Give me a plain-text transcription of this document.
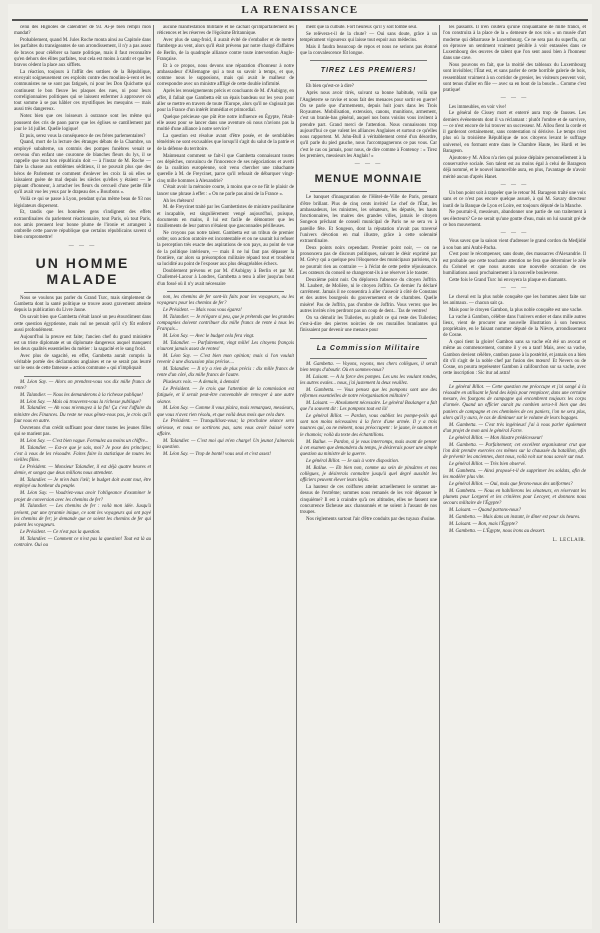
LA RENAISSANCE

celui des Hignoles de calendrier de 93. Ai-je bien rempli mon mandat?

Probablement, quand M. Jules Roche monta ainsi au Capitole dans les parfaites du transigeantes de son arrondissement, il n'y a pas assez de bravos pour célébrer sa haute politique, mais il faut reconnaître qu'en dehors des élites parfaites, tout cela est moins à cantir et que les bravos cèdent la place aux sifflets.

La réaction, toujours à l'affût des sottises de la République, envoyait soigneusement ces exploits contre des moulins-à-vent et les communistes ne se sont pas fatigués, ni pour les Don Quichotte qui continuent le bon fleuve les plaques des rues, ni pour leurs correligionnaires politiques qui se laissent enfermer à approuver où tout somme à se pas hâbler ces mystifiques les mesquins — mais aussi très dangereux.

Notez bien que ces loisseurs à outrance sont les même qui poussent des cris de paon parce que les églises se cantillement par jour le 14 juillet. Quelle logique!

Et puis, serez vous la conséquence de ces frères parlementaires?

Quand, mort de la lecture des étranges débats de la Chambre, un employé subalterne, un commis des pompes funèbres venait se cerveau d'un enfant une couronne de blanches fleurs du lys, il se rappelle que tout bon républicain doit — à l'instar de M. Roche — faire la chasse aux emblèmes séditieux, il ne pouvait plus que des héros de Parlement ce comment d'enlever les croix là où elles se laissaient guère de mal depuis les siècles qu'elles y étaient — le piquant d'honneur, à arracher les fleurs du cercueil d'une petite fille qu'il avait vue les yeux par le drapeau des « Bourbons ».

Voilà ce qui se passe à Lyon, pendant qu'au même beau de 93 nos législateurs dispersent.

Et, tandis que les honnêtes gens s'indignent des effets extraordinaires du parlement réactionnaire, tout Paris, où tout Paris, nos amis prennent leur bonne plume de l'ironie et arrangent à ombrelle cette pauvre république que certains républicains savent si bien compromettre!

— — —
UN HOMME MALADE

Nous se voulons pas parler du Grand Turc, mais simplement de Gambetta dont la santé politique se trouve assez gravement atteinte depuis la publication du Livre Jaune.

On savait bien que Gambetta s'était lancé un peu étourdiment dans cette question égyptienne, mais nul ne pensait qu'il s'y fût enferré aussi profondément.

Aujourd'hui la preuve est faite; l'ancien chef du grand ministère est un triste diplomate et un diplomate dangereux auquel manquent les deux qualités essentielles du métier : la sagacité et le sang froid.

Avec plus de sagacité, en effet, Gambetta aurait compris la véritable portée des déclarations anglaises et ne se serait pas leurré sur le sens de cette fameuse « action commune » qui n'impliquait

M. Léon Say. — Alors on prendrez-vous vos dix mille francs de rente?

M. Talandier. — Nous les demanderons à la richesse publique!

M. Léon Say. — Mais où trouverez-vous la richesse publique?

M. Talandier. — Ah vous m'ennuyez à la fin! Ça c'est l'affaire du ministre des Finances. Du reste ne vous gênez-vous pas, je crois qu'il faut vous en autre.

Ouvretons d'un crédit suffisant pour doter toutes les jeunes filles qui se marient pas.

M. Léon Say. — C'est bien vague. Formulez au moins un chiffre...

M. Talandier. — Est-ce que je sais, moi? Je pose des principes; c'est à vous de les résoudre. Faites faire la statistique de toutes les vieilles filles.

Le Président. — Monsieur Talandier, il est déjà quatre heures et demie, et songez que deux millions nous attendent.

M. Talandier. — Je m'en bats l'œil; le budget doit avant tout, être employé au bonheur du peuple.

M. Léon Say. — Voudriez-vous avoir l'obligeance d'examiner le projet de conversion avec les chemins de fer?

M. Talandier. — Les chemins de fer : voilà mon idée. Jusqu'à présent, par une tyrannie inique, ce sont les voyageurs qui ont payé les chemins de fer; je demande que ce soient les chemins de fer qui paient les voyageurs.

Le Président. — Ce n'est pas la question.

M. Talandier. — Comment ce n'est pas la question! Tout est là au contraire. Oui ou

aucune manifestation militaire et ne cachait qu'imparfaitement les réticences et les réserves de l'égoïsme Britannique.

Avec plus de sang-froid, il aurait évité de s'emballer et de mettre flamberge au vent, alors qu'il était prévenu par notre chargé d'affaires de Berlin, de la quadruple alliance contre toute intervention Anglo-Française.

Et à ce propos, nous devons une réparation d'honneur à notre ambassadeur d'Allemagne qui a tout su savoir à temps, et que, comme nous le supposions, mais qui avait le malheur de correspondre avec un ministre affligé de cette double infirmité.

Après les renseignements précis et concluants de M. d'Aubigny, en effet, il fallait que Gambetta eût un épais bandeau sur les yeux pour aller se mettre en travers de toute l'Europe, alors qu'il ne s'agissait pas pour la France d'un intérêt immédiat et primordial.

Quelque précieuse que pût être notre influence en Égypte, l'était-elle assez pour se lancer dans une aventure où nous n'avions pas la moitié d'une alliance à notre service?

La question est résolue avant d'être posée, et de semblables témérités ne sont excusables que lorsqu'il s'agit du salut de la patrie et de la défense du territoire.

Maintenant comment se fait-il que Gambetta connaissant toutes ces dépêches, convaincu de l'innocence de ses négociations et averti de la coalition européenne, soit venu chercher une rabachante querelle à M. de Freycinet, parce qu'il refusait de débarquer vingt-cinq mille hommes à Alexandrie?

C'était avoir la mémoire courte, à moins que ce ne fût le plaisir de lancer une phrase à effet : « On ne parle pas ainsi de la France ».

Ah les rhéteurs!

M. de Freycinet traité par les Gambettistes de ministre pusillanime et incapable, est singulièrement vengé aujourd'hui, puisque, documents en mains, il lui est facile de démontrer que les tiraillements de leur patron n'étaient que gasconnades périlleuses.

Ne croyons pas notre talent. Gambetta est un tribun de premier ordre; son action oratoire est incontestable et on ne saurait lui refuser la perception très exacte des aspirations de son pays, au point de vue de la politique intérieure, — mais il ne lui faut pas dépasser la frontière, car alors sa présomption militaire répand tout et troublent sa lucidité au point de l'exposer aux plus désagréables échecs.

Doublement prévenu et par M. d'Aubigny à Berlin et par M. Challemel-Lacour à Londres, Gambetta a tenu à aller jusqu'au bout d'un fossé où il n'y avait nécessaire

non, les chemins de fer sont-ils faits pour les voyageurs, ou les voyageurs pour les chemins de fer?

Le Président. — Mais vous vous égarez!

M. Talandier. — Je m'égare si peu, que je prétends que les grandes compagnies doivent contribuer dix mille francs de rente à tous les Français...

M. Léon Say. — Avec le budget cela fera vingt.

M. Talandier. — Parfaitement, vingt mille! Les citoyens français n'auront jamais assez de rentes!

M. Léon Say. — C'est bien mon opinion; mais si l'on voulait revenir à une discussion plus précise....

M. Talandier. — Il n'y a rien de plus précis : dix mille francs de rente d'un côté, dix mille francs de l'autre.

Plusieurs voix. — A demain, à demain!

Le Président. — Je crois que l'attention de la commission est fatiguée, et il serait peut-être convenable de renvoyer à une autre séance.

M. Léon Say. — Comme il vous plaira, mais remarquez, messieurs, que vous n'avez rien résolu, et que voilà deux mois que cela dure.

Le Président. — Tranquillisez-vous; la prochaine séance sera sérieuse, et nous ne sortirons pas, sans vous avoir baissé votre affaire.

M. Talandier. — C'est moi qui m'en charge! Un jeunot j'aimerais la question.

M. Léon Say. — Trop de bonté! vous seul et c'est assez!

ment que la culbute. Fort heureux qu'il y soit tombé seul.

Se relèvera-t-il de la chute? — Oui sans doute, grâce à un tempérament vigoureux qui laisse tout espoir aux médecins.

Mais il faudra beaucoup de repos et nous ne serions pas étonné que la convalescence fût longue.

TIREZ LES PREMIERS!

Eh bien qu'est-ce à dire?

Après nous avoir tirés, suivant sa bonne habitude, voilà que l'Angleterre se ravise et nous fait des menaces pour sortir en guerre! On se parle que d'armements, depuis huit jours dans les Trois Royaumes. Mobilisation, extension, canons, munitions, armement, c'est un branle-bas général, auquel nos bons voisins vous invitent à prendre part. Grand merci de l'attention. Nous connaissons trop aujourd'hui ce que valent les alliances Anglaises et surtout ce qu'elles nous rapportent. M. John-Bull à véritablement cerné d'un désordre, qu'il parle du pied gauche, nous l'accompagnerons ce pas vous. Car c'est le cas ou jamais, pour nous, de dire comme à Fontenoy : « Tirez les premiers, messieurs les Anglais! »

— — —
MENUE MONNAIE

Le banquet d'inauguration de l'Hôtel-de-Ville de Paris, prenant d'être brillant. Plus de cinq cents invités! Le chef de l'État, les ambassadeurs, les ministres, les sénateurs, les députés, les hauts fonctionnaires, les maires des grandes villes, jamais le citoyen Songeon prêchant de conseil municipal de Paris ne se sera vu à pareille fête. Et Songeon, dont la réputation n'avait pas traversé l'univers dévotion en mal illustre, grâce à cette solennité extraordinaire.

Deux points noirs cependant. Premier point noir, — on ne prononcera pas de discours politiques, suivant le désir exprimé par M. Grévy qui a quelque peu l'éloquence des municipaux parisiens, n'a ne pourrait rien au contraire — à l'éclat de cette petite réjouissance. Les orateurs du conseil se changeront-ils à se réserver à le toaster.

Deuxième point noir. On déplorera l'absence du citoyen Joffrin. M. Laubert, de Molière, ni le citoyen Joffrin. Ce dernier l'a déclaré carrément. Jamais il ne consentira à aller s'asseoir à côté de Constans et des autres bourgeois du gouvernement et de chambres. Quelle misère! Pas de Joffrin, pas d'ombre de Joffrin. Vous verrez que les autres invités n'en perdront pas un coup de dent... Tas de ventres!

On va démolir les Tuileries, ou plutôt ce qui reste des Tuileries; c'est-à-dire des pierres noircies de ces murailles branlantes qui finissaient par devenir une menace pour

La Commission Militaire

M. Gambetta. — Voyons, voyons, mes chers collègues, il serait bien temps d'aboutir. Où en sommes-nous?

M. Laisant. — A la force des pompes. Les uns les voulant rondes, les autres ovales... nous, j'ai justement la deux veuillez.

M. Gambetta. — Vous pensez que les pompons sont une des réformes essentielles de notre réorganisation militaire?

M. Laisant. — Absolument nécessaire. Le général Boulanger a fait que l'a souvent dit : Les pompons tout est là!

Le général Billot. — Pardon, vous oubliez les pompe-poils qui sont non moins nécessaires à la force d'une armée. Il y a trois nuances qui, ou ne mènent, nous préoccupent : le jaune, le saumon et le chamois; voilà du texte des échantillons.

M. Ballue. — Pardon, si je vous interromps, mais avant de penser à cet examen que demandera du temps, je désirerais poser une simple question au ministre de la guerre.

Le général Billot. — Je suis à votre disposition.

M. Ballue. — Eh bien non, comme au sein de pinsâtres et nos collègues, je désirerais connaître jusqu'à quel degré aussitôt les officiers peuvent élever leurs képis.

La hauteur de ces coiffures atteint actuellement le sommet au-dessus de l'extrême; sommes nous remanés de les voir dépasser le cinquième? Il est à craindre qu'à ces altitudes, elles ne fassent une concurrence fâcheuse aux chansonnés et ne soient à l'assaut de nos troupes.

Nos règlements surtout l'air d'être conduits par des tuyaux d'usine.

les passants. Il n'en coûtera qu'une cinquantaine de mille francs, et l'on construira à la place de la « demeure de nos rois » un musée d'art moderne qui débarrasse le Luxembourg. Ce ne sera pas du superflu, car on éprouve un sentiment vraiment pénible à voir entassées dans ce Luxembourg des œuvres de talent que l'on sent aussi bien à l'honneur dans une cave.

Nous pouvons en fait, que la moitié des tableaux du Luxembourg sont invisibles; l'État est, et sans parler de cette horrible galerie de bois, ressemblant vraiment à un corridor de grenier, les visiteurs peuvent voir, sont tenus d'aller en file — avec sa en bout de la boucle... Comme c'est pratique!

— — —

Les immeubles, en voir vive!

Le général de Cissey mort et enterré aura trop de fausses. Les derniers événements dont il va réclamant : plutôt l'ombre et de survivre, — ce n'est encore de lui trouver un successeur. M. Allou fient la corde et il garderont certainement, sans contestation ni dérisive. Le temps n'est plus où la troisième République de nos citoyens levant le suffrage universel, en formant entre dans le Chambre Haute, les Hardi et les Barageon.

Ajoutons-y M. Allou n'a rien qui puisse déplaire personnellement à la conservative sociale. Son talent est au moins égal à celui de Barageon déjà nommé, et le nouvel inamovible aura, en plus, l'avantage de n'avoir mérité aucun d'après Hanet.

— — —

Un bon point soit à rappeler que le retour M. Barageon traîté une voix sans et ce n'est pas encore quelque assuré, à qui M. Savary directeur inutil de la Banque de Lyon et Loire, est toujours député de la Manche.

Ne pourrait-il, messieurs, abandonner une partie de son traitement à ses électeurs? Ce ne serait qu'une goutte d'eau, mais on lui saurait gré de ce bon mouvement.

— — —

Vous savez que la saison vient d'adresser le grand cordon du Medjidié à son ban ami Arabi-Pacha.

C'est pour le récompenser, sans doute, des massacres d'Alexandrie. Il est probable que cette touchante attention ne fera que déterminer le zèle du Colonel et que nous aurons une nouvelle occasion de ces humiliations aussi prochainement à la nouvelle bouleverse.

Cette fois le Grand Turc lui envoyera la plaque en diamants.

— — —

Le cheval est la plus noble conquête que les hommes aient faite sur les animaux. — chacun sait ça.

Mais pour le citoyen Gambon, la plus noble conquête est une vache.

La vache à Gambon, célèbre dans l'univers entier et dans mille autres lieux, vient de procurer une nouvelle illustration à son heureux propriétaire, en le faisant nommer député de la Nièvre, arrondissement de Cosne.

A quoi tient la gloire! Gambon sans sa vache eût été un avocat et même au commencement, comme il y en a tant! Mais, avec sa vache, Gambon devient célèbre, cambon passe à la postérité, et jamais on a bien dit s'il s'agit de la noble chef par fusion des mœurs! Et Nevers ou de Cosne, on pourra représenter Gambon à califourchon sur sa vache, avec cette inscription : Sic itur ad astra!

Le général Billot. — Cette question me préoccupe et j'ai songé à la résoudre en utilisant le fond des képis pour remplacer, dans une certaine mesure, les fourgons de campagne qui encombrent toujours les corps d'armée. Quand un officier aurait pu combien sera-t-il bien que des paniers de campagne et ces cheminées de ces paniers, l'on ne sera plus, alors qu'il y aura, le cas de diminuer sur le volume de leurs bagages.

M. Gambetta. — C'est très ingénieux! j'ai à vous parler également d'un projet de mon ami le général Farre.

Le général Billot. — Mon illustre prédécesseur!

M. Gambetta. — Parfaitement; cet excellent organisateur crut que l'on doit prendre exercées ces mêmes sur la chaussée du bataillon, afin de prévenir les anciennes, dont nous, voilà voit sur nous savoir sur tout.

Le général Billot. — Très bien observé.

M. Gambetta. — Ainsi proposé-t-il de supprimer les soldats, afin de les modèler plus vite.

Le général Billot. — Oui, mais que ferons-nous des uniformes?

M. Gambetta. — Nous en habillerons les sénateurs, en réservant les plumets pour Lorgerel et les crinières pour Lecoyer, et donnons nous secours militaire de l'Égypte?

M. Laisant. — Quand partons-nous?

M. Gambetta. — Mais dans un instant, le dîner est pour six heures.

M. Laisant. — Bon, mais l'Égypte?

M. Gambetta. — L'Égypte, nous irons au dessert.

L. LECLAIR.
